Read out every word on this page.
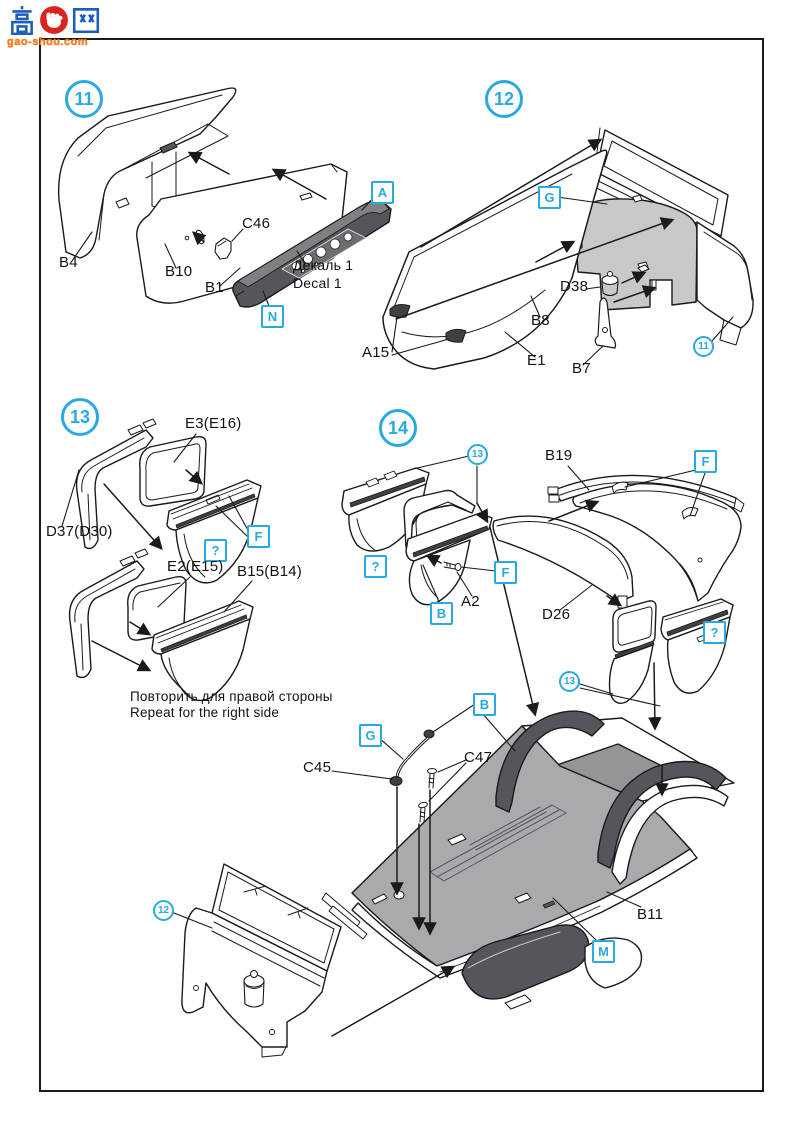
gao-shou.com
11
B4
B10
B1
C46
A
N
Декаль 1
Decal 1
12
G
A15	E1
B8
B7
D38
11
13	E3(E16)
D37(D30)	F
?
E2(E15) B15(B14)
Повторить для правой стороны
Repeat for the right side
14
13	B19	F
?	F
A2
B	D26
?
13
B
G
C45
C47
12	B11
M
